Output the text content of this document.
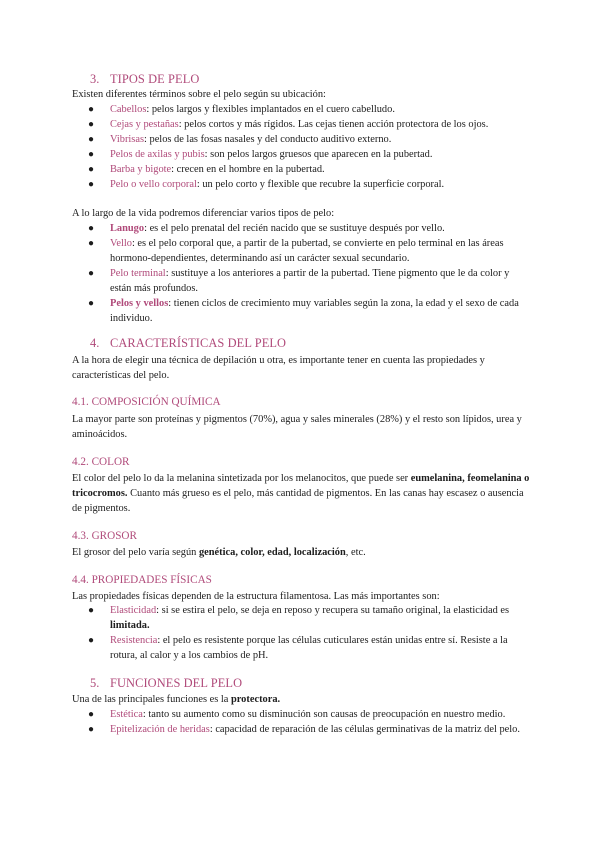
3. TIPOS DE PELO
Existen diferentes términos sobre el pelo según su ubicación:
● Cabellos: pelos largos y flexibles implantados en el cuero cabelludo.
● Cejas y pestañas: pelos cortos y más rígidos. Las cejas tienen acción protectora de los ojos.
● Vibrisas: pelos de las fosas nasales y del conducto auditivo externo.
● Pelos de axilas y pubis: son pelos largos gruesos que aparecen en la pubertad.
● Barba y bigote: crecen en el hombre en la pubertad.
● Pelo o vello corporal: un pelo corto y flexible que recubre la superficie corporal.
A lo largo de la vida podremos diferenciar varios tipos de pelo:
● Lanugo: es el pelo prenatal del recién nacido que se sustituye después por vello.
● Vello: es el pelo corporal que, a partir de la pubertad, se convierte en pelo terminal en las áreas hormono-dependientes, determinando así un carácter sexual secundario.
● Pelo terminal: sustituye a los anteriores a partir de la pubertad. Tiene pigmento que le da color y están más profundos.
● Pelos y vellos: tienen ciclos de crecimiento muy variables según la zona, la edad y el sexo de cada individuo.
4. CARACTERÍSTICAS DEL PELO
A la hora de elegir una técnica de depilación u otra, es importante tener en cuenta las propiedades y características del pelo.
4.1. COMPOSICIÓN QUÍMICA
La mayor parte son proteínas y pigmentos (70%), agua y sales minerales (28%) y el resto son lípidos, urea y aminoácidos.
4.2. COLOR
El color del pelo lo da la melanina sintetizada por los melanocitos, que puede ser eumelanina, feomelanina o tricocromos. Cuanto más grueso es el pelo, más cantidad de pigmentos. En las canas hay escasez o ausencia de pigmentos.
4.3. GROSOR
El grosor del pelo varía según genética, color, edad, localización, etc.
4.4. PROPIEDADES FÍSICAS
Las propiedades físicas dependen de la estructura filamentosa. Las más importantes son:
● Elasticidad: si se estira el pelo, se deja en reposo y recupera su tamaño original, la elasticidad es limitada.
● Resistencia: el pelo es resistente porque las células cuticulares están unidas entre sí. Resiste a la rotura, al calor y a los cambios de pH.
5. FUNCIONES DEL PELO
Una de las principales funciones es la protectora.
● Estética: tanto su aumento como su disminución son causas de preocupación en nuestro medio.
● Epitelización de heridas: capacidad de reparación de las células germinativas de la matriz del pelo.
